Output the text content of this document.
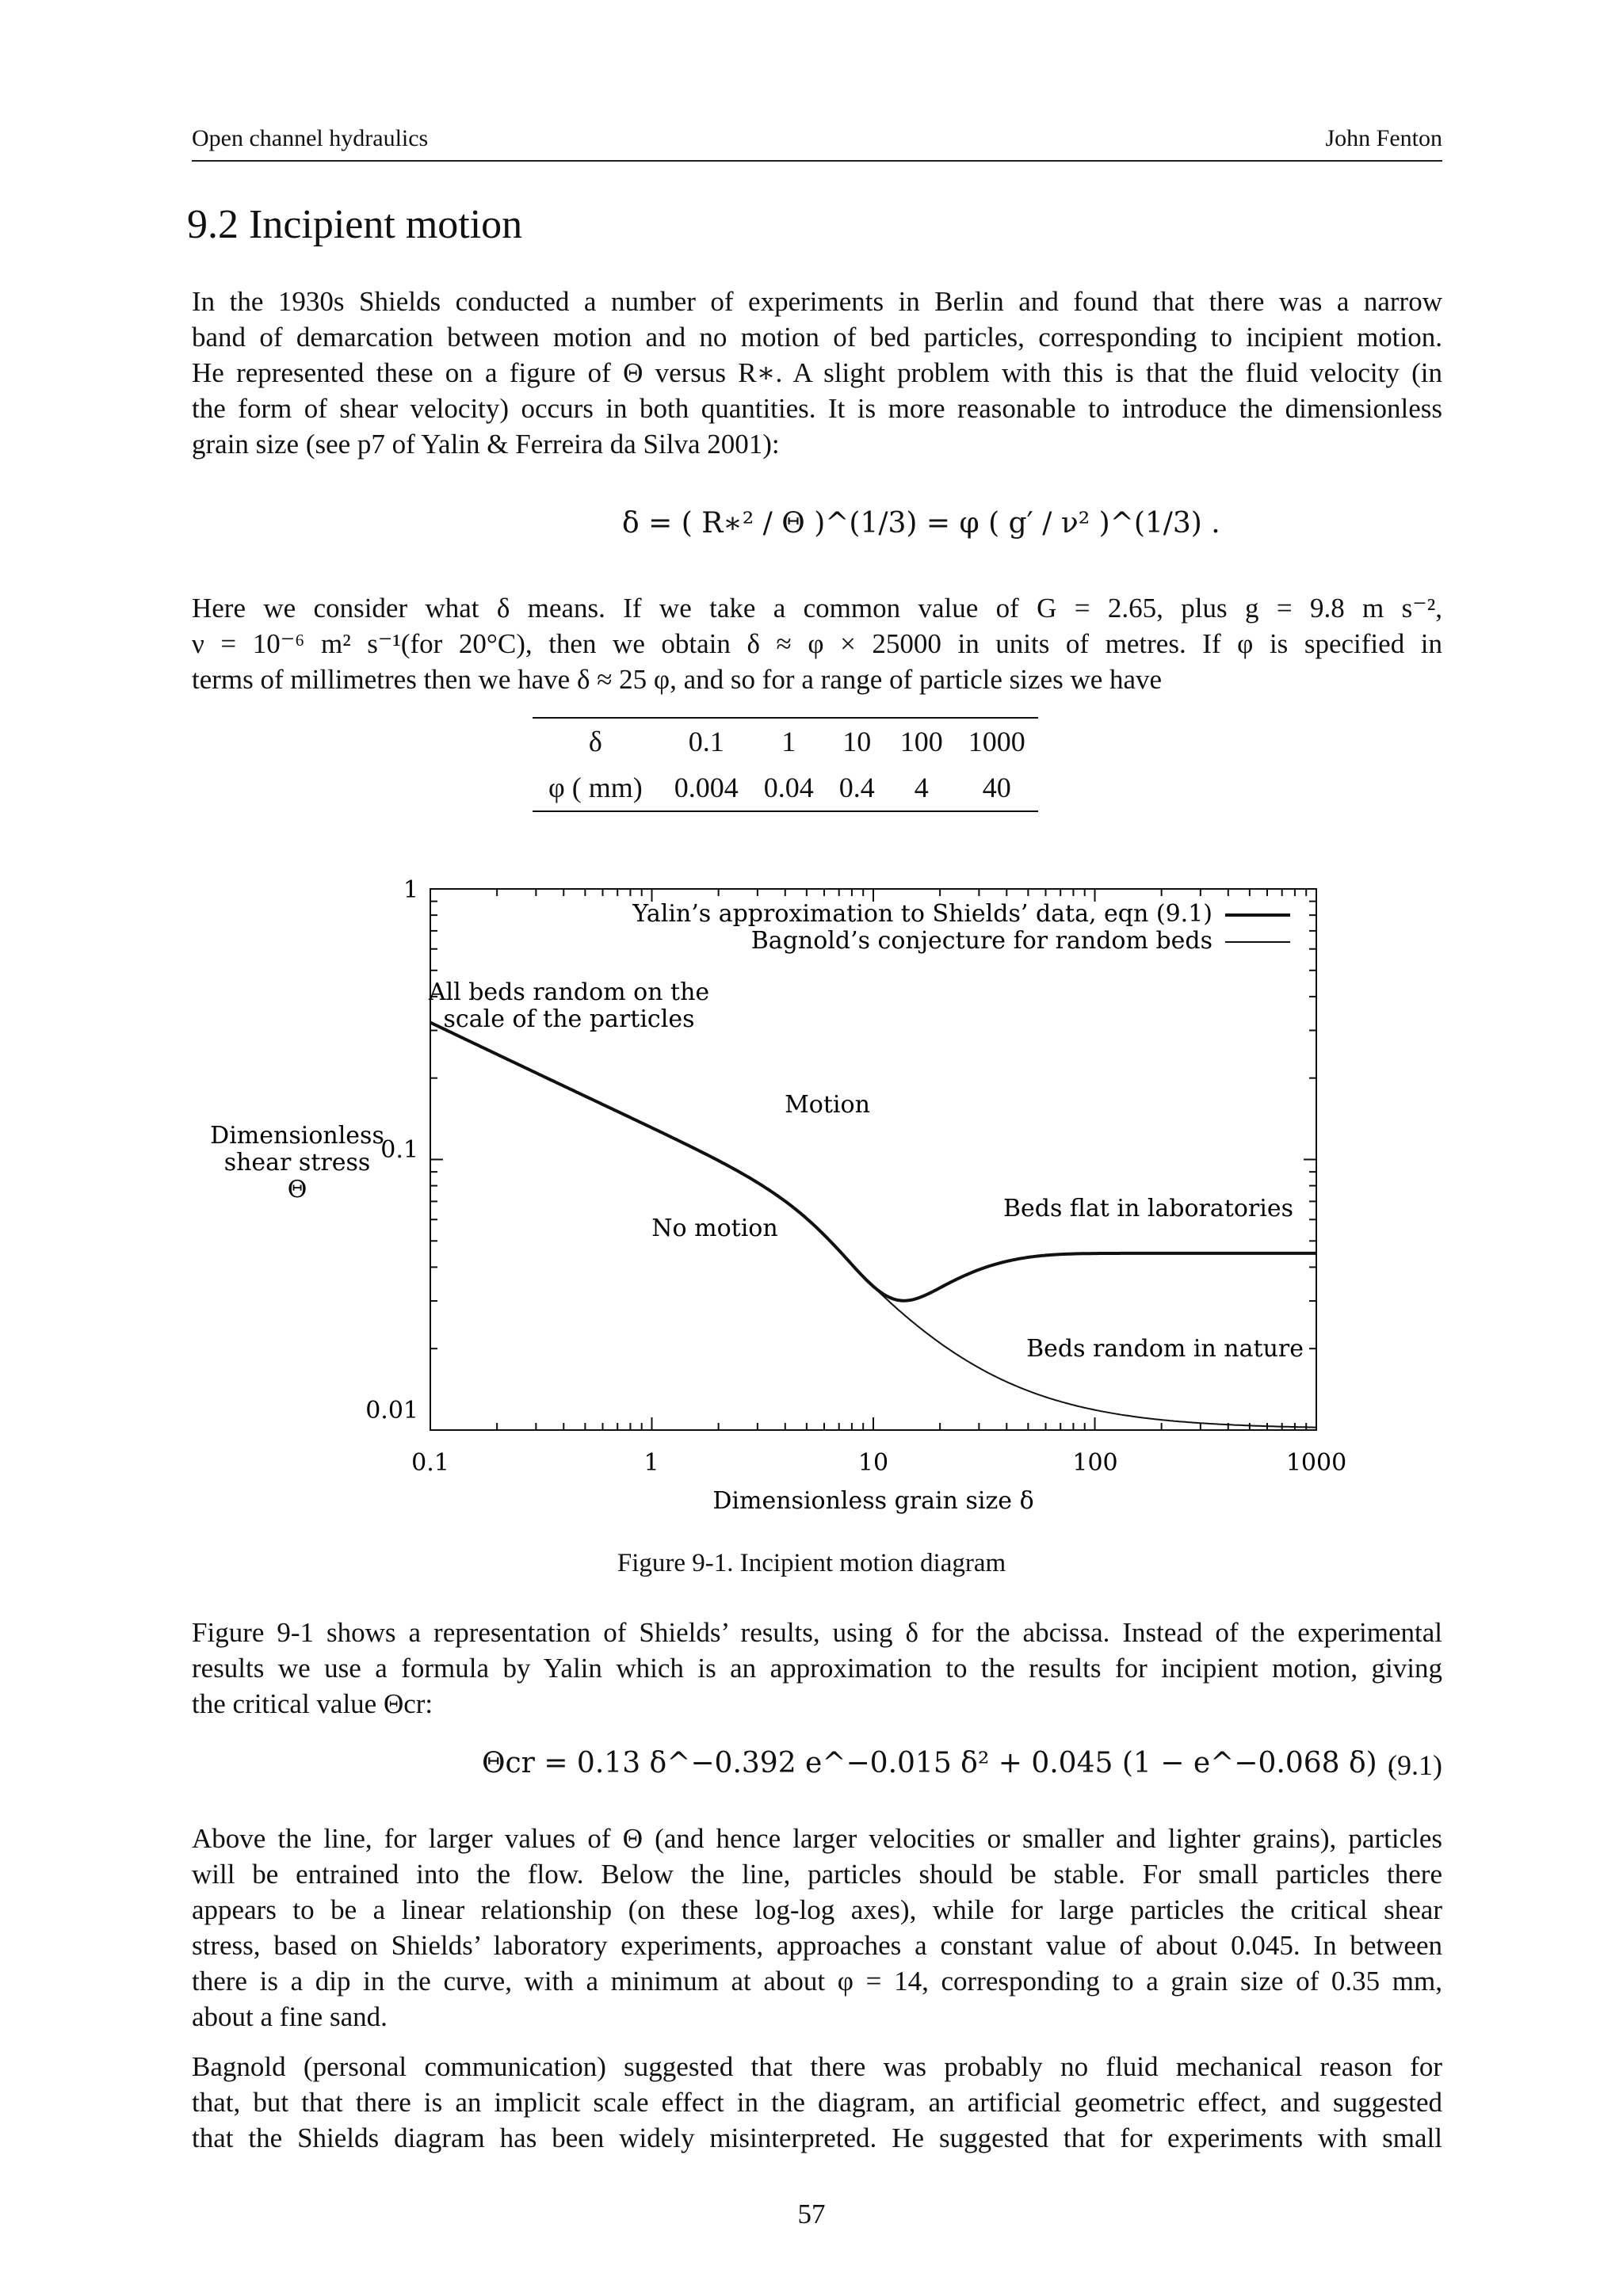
Open channel hydraulics	John Fenton
9.2 Incipient motion
In the 1930s Shields conducted a number of experiments in Berlin and found that there was a narrow
band of demarcation between motion and no motion of bed particles, corresponding to incipient motion.
He represented these on a figure of Θ versus R∗. A slight problem with this is that the fluid velocity (in
the form of shear velocity) occurs in both quantities. It is more reasonable to introduce the dimensionless
grain size (see p7 of Yalin & Ferreira da Silva 2001):
δ = ( R∗² / Θ )^(1/3) = φ ( g′ / ν² )^(1/3) .
Here we consider what δ means. If we take a common value of G = 2.65, plus g = 9.8 m s⁻²,
ν = 10⁻⁶ m² s⁻¹(for 20°C), then we obtain δ ≈ φ × 25000 in units of metres. If φ is specified in
terms of millimetres then we have δ ≈ 25 φ, and so for a range of particle sizes we have
δ	0.1	1	10	100	1000
φ ( mm)	0.004	0.04	0.4	4	40
1
0.1
0.01
0.1	1	10	100	1000
Dimensionless grain size δ
Dimensionless
shear stress
Θ
Yalin’s approximation to Shields’ data, eqn (9.1)
Bagnold’s conjecture for random beds
All beds random on the
scale of the particles
Motion
No motion
Beds flat in laboratories
Beds random in nature
Figure 9-1. Incipient motion diagram
Figure 9-1 shows a representation of Shields’ results, using δ for the abcissa. Instead of the experimental
results we use a formula by Yalin which is an approximation to the results for incipient motion, giving
the critical value Θcr:
Θcr = 0.13 δ^−0.392 e^−0.015 δ² + 0.045 (1 − e^−0.068 δ) .
(9.1)
Above the line, for larger values of Θ (and hence larger velocities or smaller and lighter grains), particles
will be entrained into the flow. Below the line, particles should be stable. For small particles there
appears to be a linear relationship (on these log-log axes), while for large particles the critical shear
stress, based on Shields’ laboratory experiments, approaches a constant value of about 0.045. In between
there is a dip in the curve, with a minimum at about φ = 14, corresponding to a grain size of 0.35 mm,
about a fine sand.
Bagnold (personal communication) suggested that there was probably no fluid mechanical reason for
that, but that there is an implicit scale effect in the diagram, an artificial geometric effect, and suggested
that the Shields diagram has been widely misinterpreted. He suggested that for experiments with small
57
